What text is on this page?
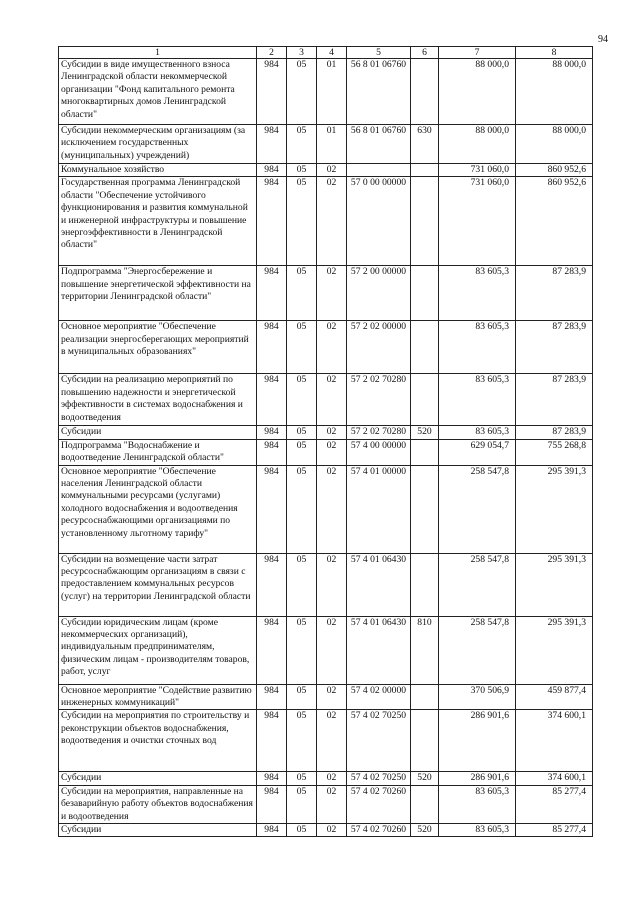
94
1	2	3	4	5	6	7	8
Субсидии в виде имущественного взноса Ленинградской области некоммерческой организации "Фонд капитального ремонта многоквартирных домов Ленинградской области"	984	05	01	56 8 01 06760		88 000,0	88 000,0
Субсидии некоммерческим организациям (за исключением государственных (муниципальных) учреждений)	984	05	01	56 8 01 06760	630	88 000,0	88 000,0
Коммунальное хозяйство	984	05	02			731 060,0	860 952,6
Государственная программа Ленинградской области "Обеспечение устойчивого функционирования и развития коммунальной и инженерной инфраструктуры и повышение энергоэффективности в Ленинградской области"	984	05	02	57 0 00 00000		731 060,0	860 952,6
Подпрограмма "Энергосбережение и повышение энергетической эффективности на территории Ленинградской области"	984	05	02	57 2 00 00000		83 605,3	87 283,9
Основное мероприятие "Обеспечение реализации энергосберегающих мероприятий в муниципальных образованиях"	984	05	02	57 2 02 00000		83 605,3	87 283,9
Субсидии на реализацию мероприятий по повышению надежности и энергетической эффективности в системах водоснабжения и водоотведения	984	05	02	57 2 02 70280		83 605,3	87 283,9
Субсидии	984	05	02	57 2 02 70280	520	83 605,3	87 283,9
Подпрограмма "Водоснабжение и водоотведение Ленинградской области"	984	05	02	57 4 00 00000		629 054,7	755 268,8
Основное мероприятие "Обеспечение населения Ленинградской области коммунальными ресурсами (услугами) холодного водоснабжения и водоотведения ресурсоснабжающими организациями по установленному льготному тарифу"	984	05	02	57 4 01 00000		258 547,8	295 391,3
Субсидии на возмещение части затрат ресурсоснабжающим организациям в связи с предоставлением коммунальных ресурсов (услуг) на территории Ленинградской области	984	05	02	57 4 01 06430		258 547,8	295 391,3
Субсидии юридическим лицам (кроме некоммерческих организаций), индивидуальным предпринимателям, физическим лицам - производителям товаров, работ, услуг	984	05	02	57 4 01 06430	810	258 547,8	295 391,3
Основное мероприятие "Содействие развитию инженерных коммуникаций"	984	05	02	57 4 02 00000		370 506,9	459 877,4
Субсидии на мероприятия по строительству и реконструкции объектов водоснабжения, водоотведения и очистки сточных вод	984	05	02	57 4 02 70250		286 901,6	374 600,1
Субсидии	984	05	02	57 4 02 70250	520	286 901,6	374 600,1
Субсидии на мероприятия, направленные на безаварийную работу объектов водоснабжения и водоотведения	984	05	02	57 4 02 70260		83 605,3	85 277,4
Субсидии	984	05	02	57 4 02 70260	520	83 605,3	85 277,4
